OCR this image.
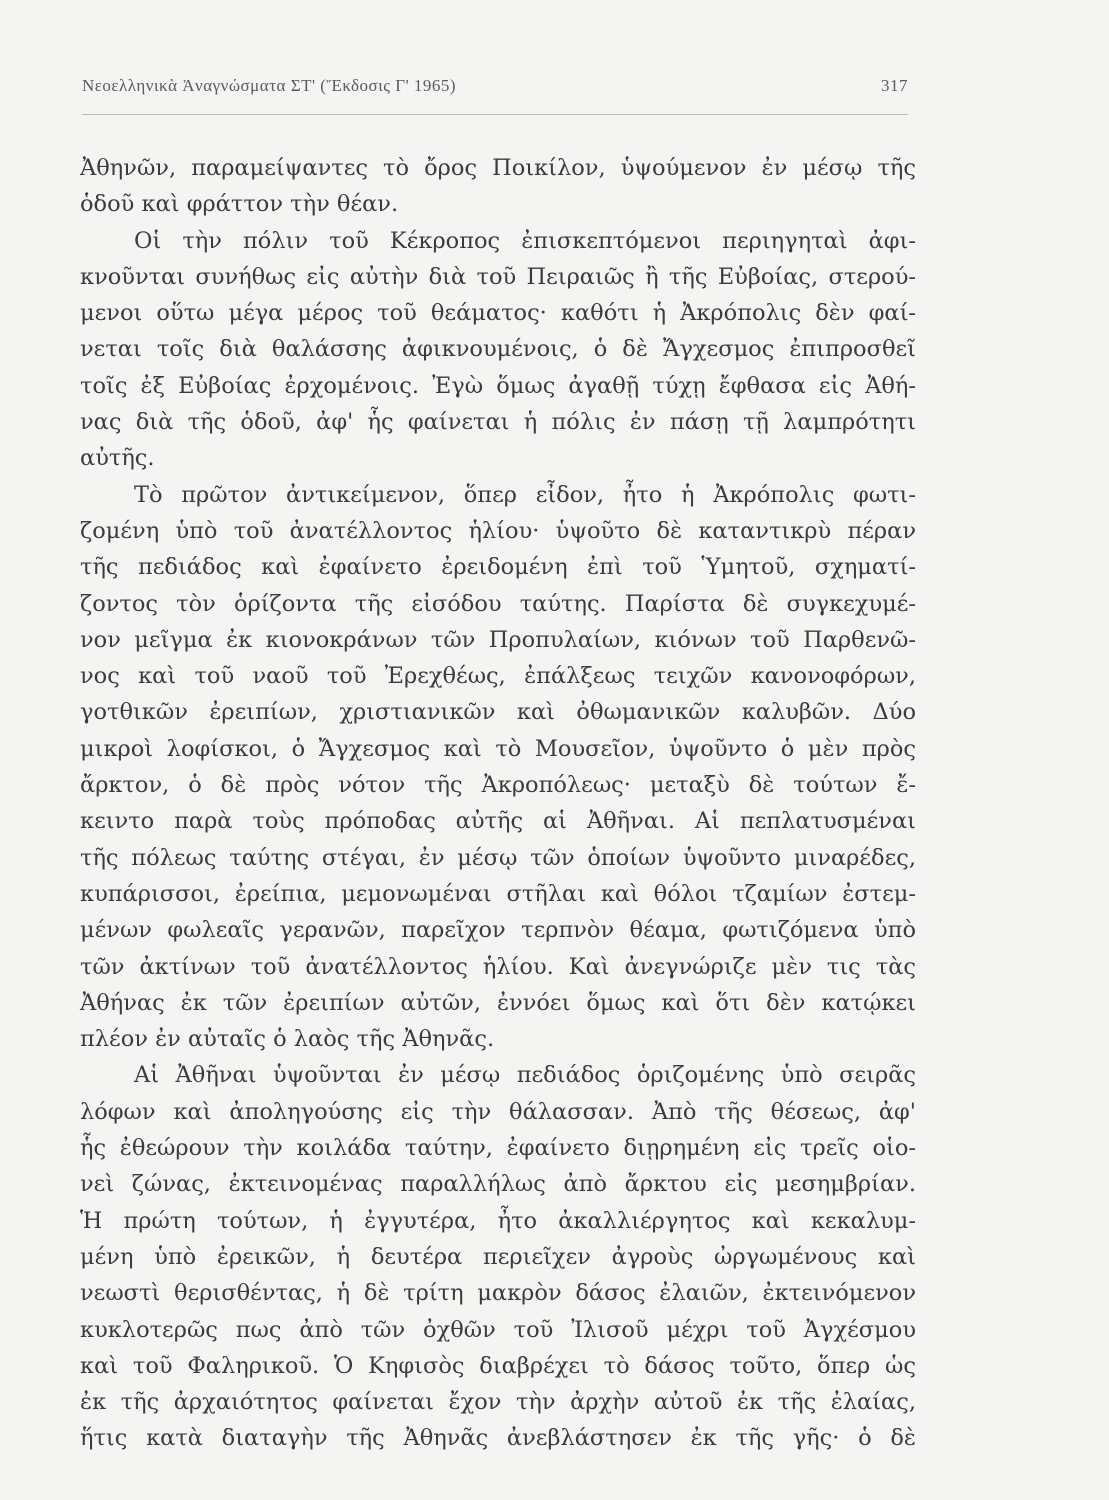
Νεοελληνικὰ Ἀναγνώσματα ΣΤ' (Ἔκδοσις Γ' 1965)	317
Ἀθηνῶν, παραμείψαντες τὸ ὄρος Ποικίλον, ὑψούμενον ἐν μέσῳ τῆς
ὁδοῦ καὶ φράττον τὴν θέαν.
Οἱ τὴν πόλιν τοῦ Κέκροπος ἐπισκεπτόμενοι περιηγηταὶ ἀφι-
κνοῦνται συνήθως εἰς αὐτὴν διὰ τοῦ Πειραιῶς ἢ τῆς Εὐβοίας, στερού-
μενοι οὕτω μέγα μέρος τοῦ θεάματος· καθότι ἡ Ἀκρόπολις δὲν φαί-
νεται τοῖς διὰ θαλάσσης ἀφικνουμένοις, ὁ δὲ Ἄγχεσμος ἐπιπροσθεῖ
τοῖς ἐξ Εὐβοίας ἐρχομένοις. Ἐγὼ ὅμως ἀγαθῇ τύχῃ ἔφθασα εἰς Ἀθή-
νας διὰ τῆς ὁδοῦ, ἀφ' ἧς φαίνεται ἡ πόλις ἐν πάσῃ τῇ λαμπρότητι
αὐτῆς.
Τὸ πρῶτον ἀντικείμενον, ὅπερ εἶδον, ἦτο ἡ Ἀκρόπολις φωτι-
ζομένη ὑπὸ τοῦ ἀνατέλλοντος ἡλίου· ὑψοῦτο δὲ καταντικρὺ πέραν
τῆς πεδιάδος καὶ ἐφαίνετο ἐρειδομένη ἐπὶ τοῦ Ὑμητοῦ, σχηματί-
ζοντος τὸν ὁρίζοντα τῆς εἰσόδου ταύτης. Παρίστα δὲ συγκεχυμέ-
νον μεῖγμα ἐκ κιονοκράνων τῶν Προπυλαίων, κιόνων τοῦ Παρθενῶ-
νος καὶ τοῦ ναοῦ τοῦ Ἐρεχθέως, ἐπάλξεως τειχῶν κανονοφόρων,
γοτθικῶν ἐρειπίων, χριστιανικῶν καὶ ὀθωμανικῶν καλυβῶν. Δύο
μικροὶ λοφίσκοι, ὁ Ἄγχεσμος καὶ τὸ Μουσεῖον, ὑψοῦντο ὁ μὲν πρὸς
ἄρκτον, ὁ δὲ πρὸς νότον τῆς Ἀκροπόλεως· μεταξὺ δὲ τούτων ἔ-
κειντο παρὰ τοὺς πρόποδας αὐτῆς αἱ Ἀθῆναι. Αἱ πεπλατυσμέναι
τῆς πόλεως ταύτης στέγαι, ἐν μέσῳ τῶν ὁποίων ὑψοῦντο μιναρέδες,
κυπάρισσοι, ἐρείπια, μεμονωμέναι στῆλαι καὶ θόλοι τζαμίων ἐστεμ-
μένων φωλεαῖς γερανῶν, παρεῖχον τερπνὸν θέαμα, φωτιζόμενα ὑπὸ
τῶν ἀκτίνων τοῦ ἀνατέλλοντος ἡλίου. Καὶ ἀνεγνώριζε μὲν τις τὰς
Ἀθήνας ἐκ τῶν ἐρειπίων αὐτῶν, ἐννόει ὅμως καὶ ὅτι δὲν κατῴκει
πλέον ἐν αὐταῖς ὁ λαὸς τῆς Ἀθηνᾶς.
Αἱ Ἀθῆναι ὑψοῦνται ἐν μέσῳ πεδιάδος ὁριζομένης ὑπὸ σειρᾶς
λόφων καὶ ἀποληγούσης εἰς τὴν θάλασσαν. Ἀπὸ τῆς θέσεως, ἀφ'
ἧς ἐθεώρουν τὴν κοιλάδα ταύτην, ἐφαίνετο διῃρημένη εἰς τρεῖς οἱο-
νεὶ ζώνας, ἐκτεινομένας παραλλήλως ἀπὸ ἄρκτου εἰς μεσημβρίαν.
Ἡ πρώτη τούτων, ἡ ἐγγυτέρα, ἦτο ἀκαλλιέργητος καὶ κεκαλυμ-
μένη ὑπὸ ἐρεικῶν, ἡ δευτέρα περιεῖχεν ἀγροὺς ὠργωμένους καὶ
νεωστὶ θερισθέντας, ἡ δὲ τρίτη μακρὸν δάσος ἐλαιῶν, ἐκτεινόμενον
κυκλοτερῶς πως ἀπὸ τῶν ὀχθῶν τοῦ Ἰλισοῦ μέχρι τοῦ Ἀγχέσμου
καὶ τοῦ Φαληρικοῦ. Ὁ Κηφισὸς διαβρέχει τὸ δάσος τοῦτο, ὅπερ ὡς
ἐκ τῆς ἀρχαιότητος φαίνεται ἔχον τὴν ἀρχὴν αὐτοῦ ἐκ τῆς ἐλαίας,
ἥτις κατὰ διαταγὴν τῆς Ἀθηνᾶς ἀνεβλάστησεν ἐκ τῆς γῆς· ὁ δὲ
